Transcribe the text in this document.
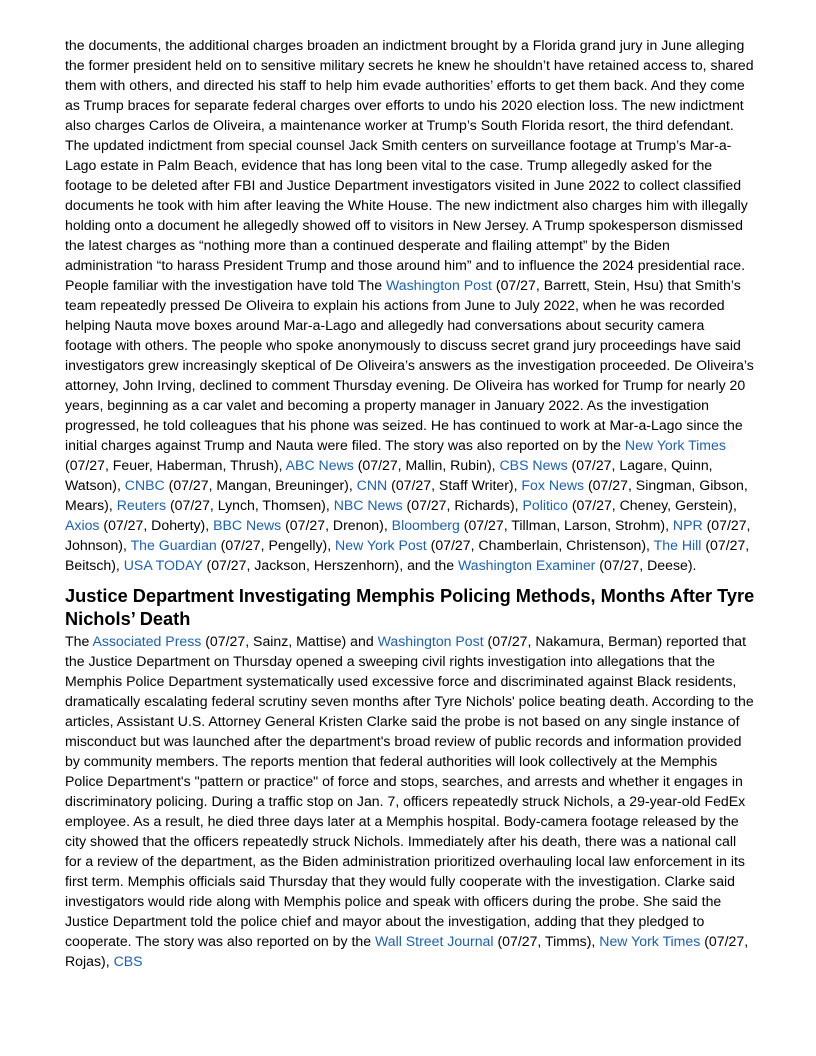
the documents, the additional charges broaden an indictment brought by a Florida grand jury in June alleging the former president held on to sensitive military secrets he knew he shouldn’t have retained access to, shared them with others, and directed his staff to help him evade authorities’ efforts to get them back. And they come as Trump braces for separate federal charges over efforts to undo his 2020 election loss. The new indictment also charges Carlos de Oliveira, a maintenance worker at Trump’s South Florida resort, the third defendant. The updated indictment from special counsel Jack Smith centers on surveillance footage at Trump’s Mar-a-Lago estate in Palm Beach, evidence that has long been vital to the case. Trump allegedly asked for the footage to be deleted after FBI and Justice Department investigators visited in June 2022 to collect classified documents he took with him after leaving the White House. The new indictment also charges him with illegally holding onto a document he allegedly showed off to visitors in New Jersey. A Trump spokesperson dismissed the latest charges as “nothing more than a continued desperate and flailing attempt” by the Biden administration “to harass President Trump and those around him” and to influence the 2024 presidential race. People familiar with the investigation have told The Washington Post (07/27, Barrett, Stein, Hsu) that Smith’s team repeatedly pressed De Oliveira to explain his actions from June to July 2022, when he was recorded helping Nauta move boxes around Mar-a-Lago and allegedly had conversations about security camera footage with others. The people who spoke anonymously to discuss secret grand jury proceedings have said investigators grew increasingly skeptical of De Oliveira’s answers as the investigation proceeded. De Oliveira’s attorney, John Irving, declined to comment Thursday evening. De Oliveira has worked for Trump for nearly 20 years, beginning as a car valet and becoming a property manager in January 2022. As the investigation progressed, he told colleagues that his phone was seized. He has continued to work at Mar-a-Lago since the initial charges against Trump and Nauta were filed. The story was also reported on by the New York Times (07/27, Feuer, Haberman, Thrush), ABC News (07/27, Mallin, Rubin), CBS News (07/27, Lagare, Quinn, Watson), CNBC (07/27, Mangan, Breuninger), CNN (07/27, Staff Writer), Fox News (07/27, Singman, Gibson, Mears), Reuters (07/27, Lynch, Thomsen), NBC News (07/27, Richards), Politico (07/27, Cheney, Gerstein), Axios (07/27, Doherty), BBC News (07/27, Drenon), Bloomberg (07/27, Tillman, Larson, Strohm), NPR (07/27, Johnson), The Guardian (07/27, Pengelly), New York Post (07/27, Chamberlain, Christenson), The Hill (07/27, Beitsch), USA TODAY (07/27, Jackson, Herszenhorn), and the Washington Examiner (07/27, Deese).

Justice Department Investigating Memphis Policing Methods, Months After Tyre Nichols’ Death

The Associated Press (07/27, Sainz, Mattise) and Washington Post (07/27, Nakamura, Berman) reported that the Justice Department on Thursday opened a sweeping civil rights investigation into allegations that the Memphis Police Department systematically used excessive force and discriminated against Black residents, dramatically escalating federal scrutiny seven months after Tyre Nichols' police beating death. According to the articles, Assistant U.S. Attorney General Kristen Clarke said the probe is not based on any single instance of misconduct but was launched after the department's broad review of public records and information provided by community members. The reports mention that federal authorities will look collectively at the Memphis Police Department's "pattern or practice" of force and stops, searches, and arrests and whether it engages in discriminatory policing. During a traffic stop on Jan. 7, officers repeatedly struck Nichols, a 29-year-old FedEx employee. As a result, he died three days later at a Memphis hospital. Body-camera footage released by the city showed that the officers repeatedly struck Nichols. Immediately after his death, there was a national call for a review of the department, as the Biden administration prioritized overhauling local law enforcement in its first term. Memphis officials said Thursday that they would fully cooperate with the investigation. Clarke said investigators would ride along with Memphis police and speak with officers during the probe. She said the Justice Department told the police chief and mayor about the investigation, adding that they pledged to cooperate. The story was also reported on by the Wall Street Journal (07/27, Timms), New York Times (07/27, Rojas), CBS
